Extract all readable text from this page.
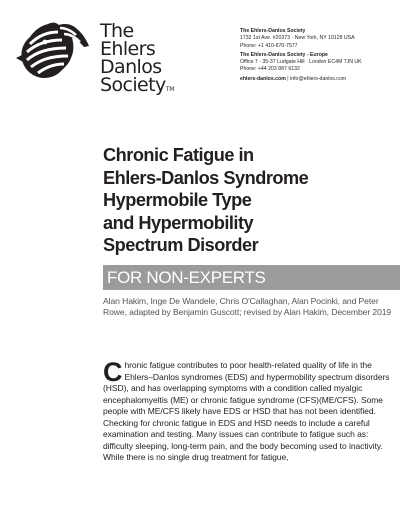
The
Ehlers
Danlos
SocietyTM
The Ehlers-Danlos Society
1732 1st Ave. #20373 · New York, NY 10128 USA
Phone: +1 410-670-7577
The Ehlers-Danlos Society - Europe
Office 7 · 35-37 Ludgate Hill · London EC4M 7JN UK
Phone: +44 203 887 6132
ehlers-danlos.com | info@ehlers-danlos.com
Chronic Fatigue in
Ehlers-Danlos Syndrome
Hypermobile Type
and Hypermobility
Spectrum Disorder
FOR NON-EXPERTS
Alan Hakim, Inge De Wandele, Chris O'Callaghan, Alan Pocinki, and Peter Rowe, adapted by Benjamin Guscott; revised by Alan Hakim, December 2019
C hronic fatigue contributes to poor health-related quality of life in the Ehlers–Danlos syndromes (EDS) and hypermobility spectrum disorders (HSD), and has overlapping symptoms with a condition called myalgic encephalomyeltis (ME) or chronic fatigue syndrome (CFS)(ME/CFS). Some people with ME/CFS likely have EDS or HSD that has not been identified. Checking for chronic fatigue in EDS and HSD needs to include a careful examination and testing. Many issues can contribute to fatigue such as: difficulty sleeping, long-term pain, and the body becoming used to inactivity. While there is no single drug treatment for fatigue,
